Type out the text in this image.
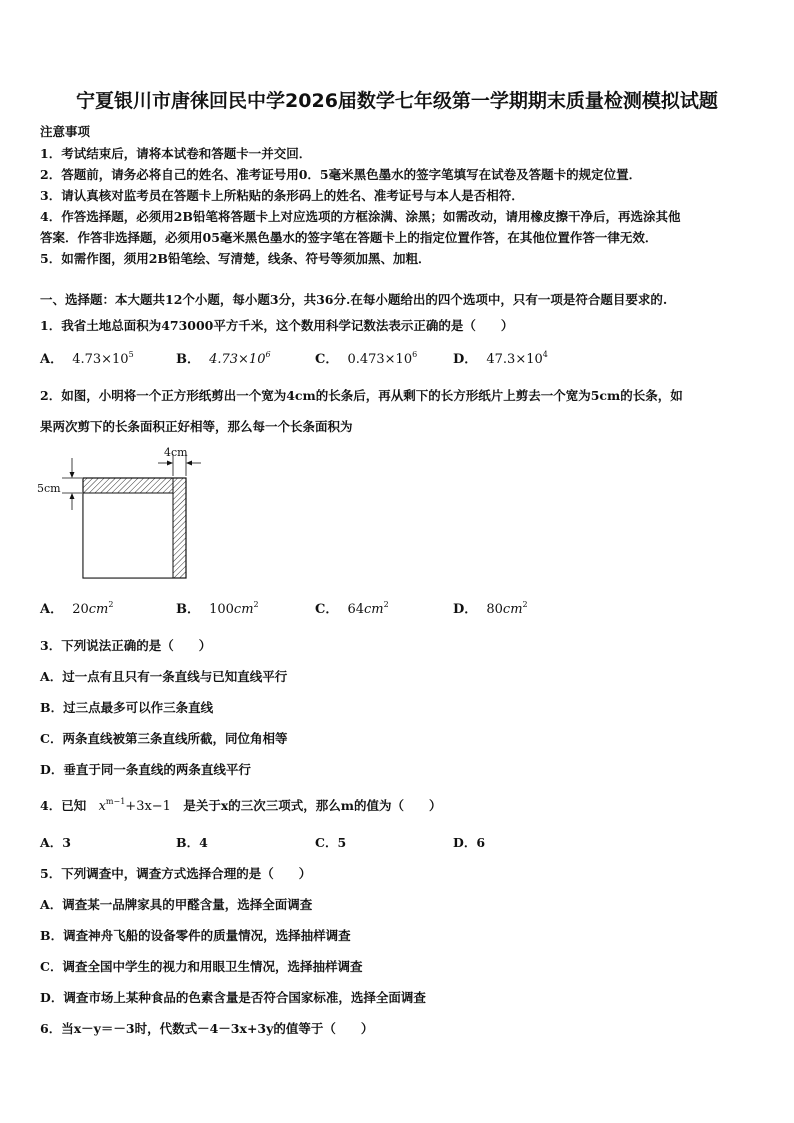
宁夏银川市唐徕回民中学2026届数学七年级第一学期期末质量检测模拟试题
注意事项
1．考试结束后，请将本试卷和答题卡一并交回．
2．答题前，请务必将自己的姓名、准考证号用0．5毫米黑色墨水的签字笔填写在试卷及答题卡的规定位置．
3．请认真核对监考员在答题卡上所粘贴的条形码上的姓名、准考证号与本人是否相符．
4．作答选择题，必须用2B铅笔将答题卡上对应选项的方框涂满、涂黑；如需改动，请用橡皮擦干净后，再选涂其他
答案．作答非选择题，必须用05毫米黑色墨水的签字笔在答题卡上的指定位置作答，在其他位置作答一律无效．
5．如需作图，须用2B铅笔绘、写清楚，线条、符号等须加黑、加粗．
一、选择题：本大题共12个小题，每小题3分，共36分.在每小题给出的四个选项中，只有一项是符合题目要求的.
1．我省土地总面积为473000平方千米，这个数用科学记数法表示正确的是（　　）
A． $4.73\times 10^5$	B． $4.73\times 10^6$	C． $0.473\times 10^6$	D． $47.3\times 10^4$
2．如图，小明将一个正方形纸剪出一个宽为4cm的长条后，再从剩下的长方形纸片上剪去一个宽为5cm的长条，如
果两次剪下的长条面积正好相等，那么每一个长条面积为
4cm
5cm
A． $20cm^2$	B． $100cm^2$	C． $64cm^2$	D． $80cm^2$
3．下列说法正确的是（　　）
A．过一点有且只有一条直线与已知直线平行
B．过三点最多可以作三条直线
C．两条直线被第三条直线所截，同位角相等
D．垂直于同一条直线的两条直线平行
4．已知 $x^{m-1}+3x-1$ 是关于x的三次三项式，那么m的值为（　　）
A．3	B．4	C．5	D．6
5．下列调查中，调查方式选择合理的是（　　）
A．调查某一品牌家具的甲醛含量，选择全面调查
B．调查神舟飞船的设备零件的质量情况，选择抽样调查
C．调查全国中学生的视力和用眼卫生情况，选择抽样调查
D．调查市场上某种食品的色素含量是否符合国家标准，选择全面调查
6．当x－y＝－3时，代数式－4－3x+3y的值等于（　　）
